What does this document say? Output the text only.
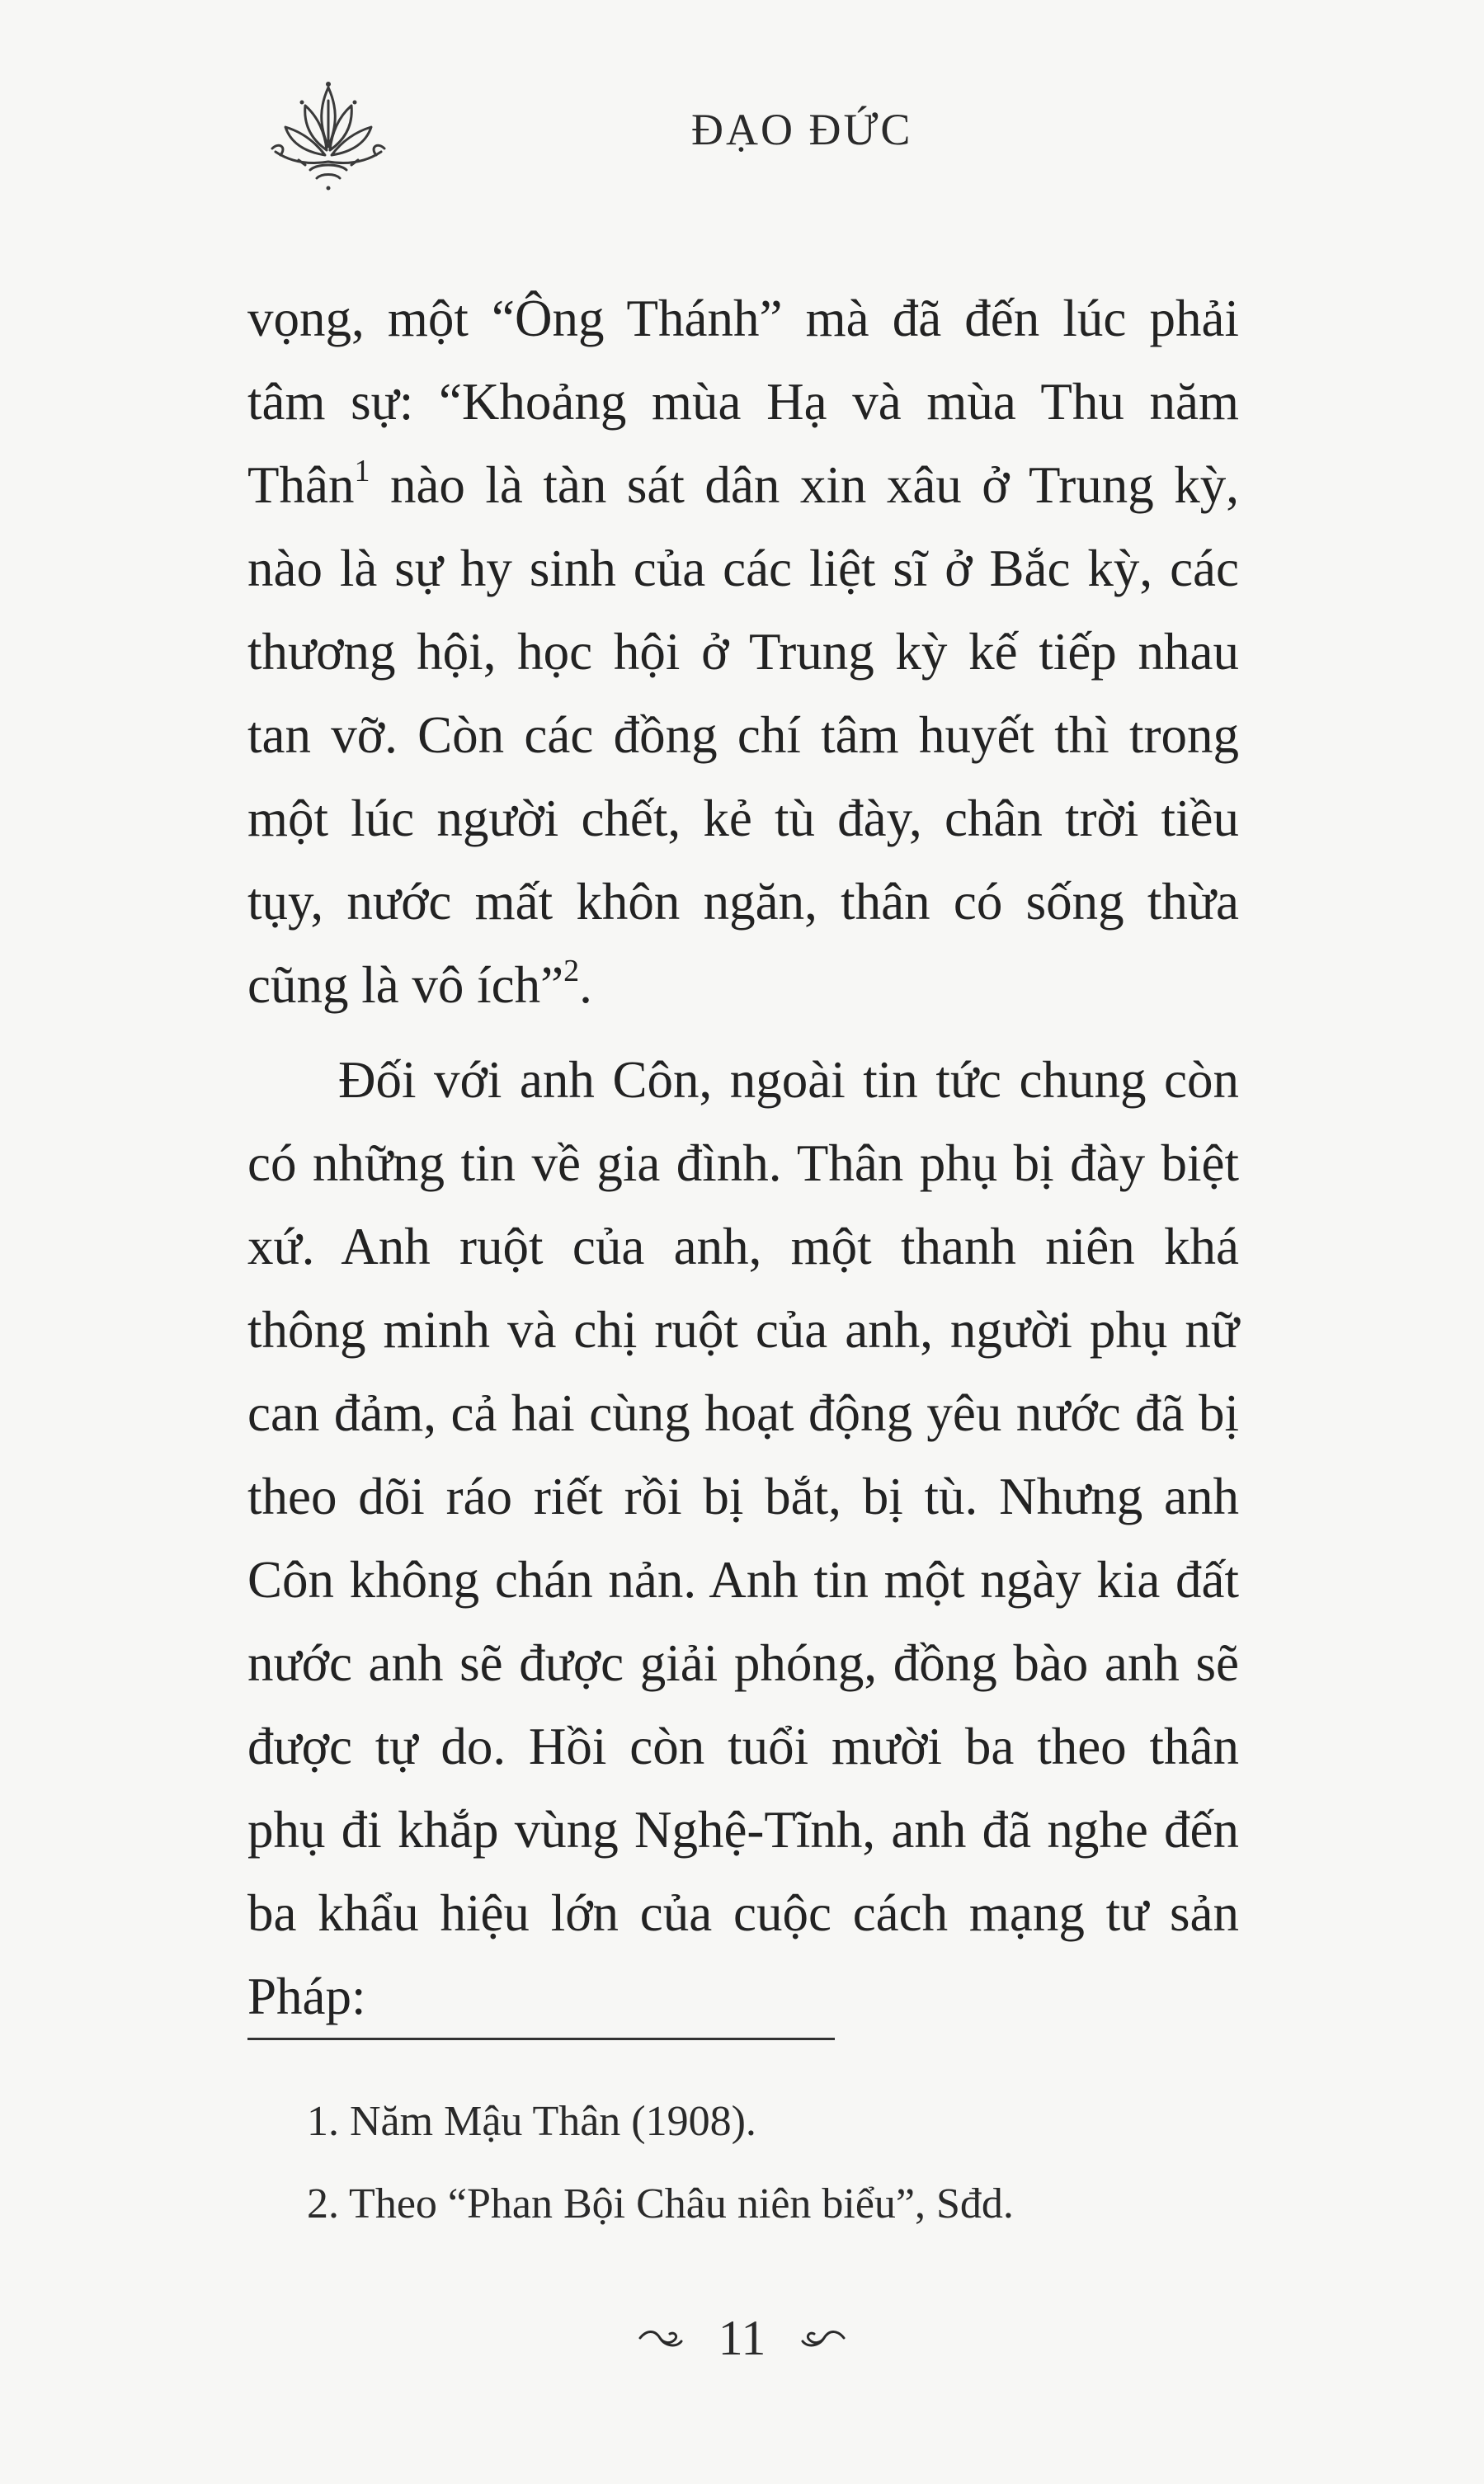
ĐẠO ĐỨC

vọng, một “Ông Thánh” mà đã đến lúc phải tâm sự: “Khoảng mùa Hạ và mùa Thu năm Thân$^1$ nào là tàn sát dân xin xâu ở Trung kỳ, nào là sự hy sinh của các liệt sĩ ở Bắc kỳ, các thương hội, học hội ở Trung kỳ kế tiếp nhau tan vỡ. Còn các đồng chí tâm huyết thì trong một lúc người chết, kẻ tù đày, chân trời tiều tụy, nước mất khôn ngăn, thân có sống thừa cũng là vô ích”$^2$.

Đối với anh Côn, ngoài tin tức chung còn có những tin về gia đình. Thân phụ bị đày biệt xứ. Anh ruột của anh, một thanh niên khá thông minh và chị ruột của anh, người phụ nữ can đảm, cả hai cùng hoạt động yêu nước đã bị theo dõi ráo riết rồi bị bắt, bị tù. Nhưng anh Côn không chán nản. Anh tin một ngày kia đất nước anh sẽ được giải phóng, đồng bào anh sẽ được tự do. Hồi còn tuổi mười ba theo thân phụ đi khắp vùng Nghệ-Tĩnh, anh đã nghe đến ba khẩu hiệu lớn của cuộc cách mạng tư sản Pháp:

1. Năm Mậu Thân (1908).
2. Theo “Phan Bội Châu niên biểu”, Sđd.
11
